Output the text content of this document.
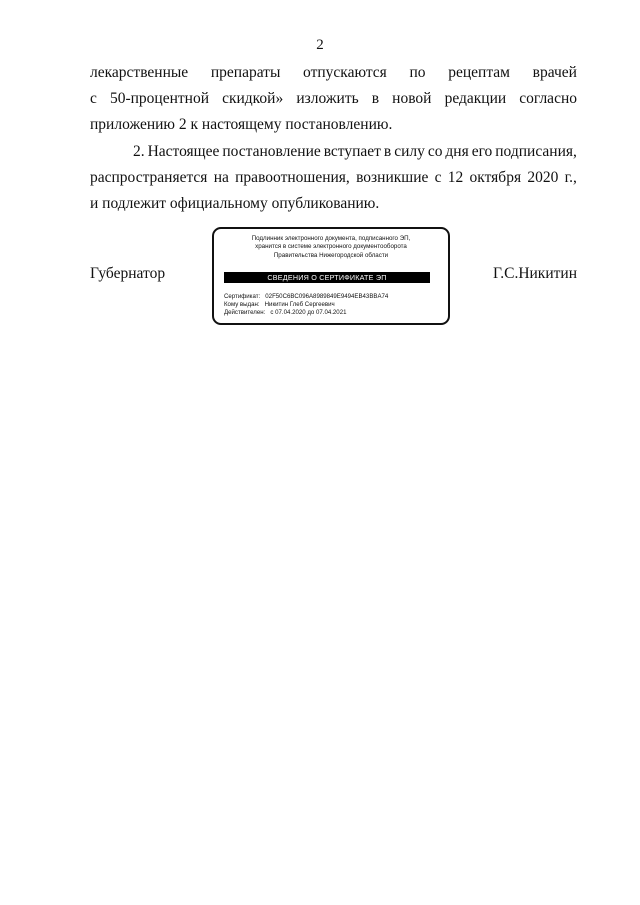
2
лекарственные препараты отпускаются по рецептам врачей
с 50-процентной скидкой» изложить в новой редакции согласно
приложению 2 к настоящему постановлению.
2. Настоящее постановление вступает в силу со дня его подписания,
распространяется на правоотношения, возникшие с 12 октября 2020 г.,
и подлежит официальному опубликованию.
Губернатор	Г.С.Никитин
Подлинник электронного документа, подписанного ЭП,
хранится в системе электронного документооборота
Правительства Нижегородской области
СВЕДЕНИЯ О СЕРТИФИКАТЕ ЭП
Сертификат:   02F50C6BC096A8989849E9494EB43BBA74
Кому выдан:   Никитин Глеб Сергеевич
Действителен:   с 07.04.2020 до 07.04.2021
